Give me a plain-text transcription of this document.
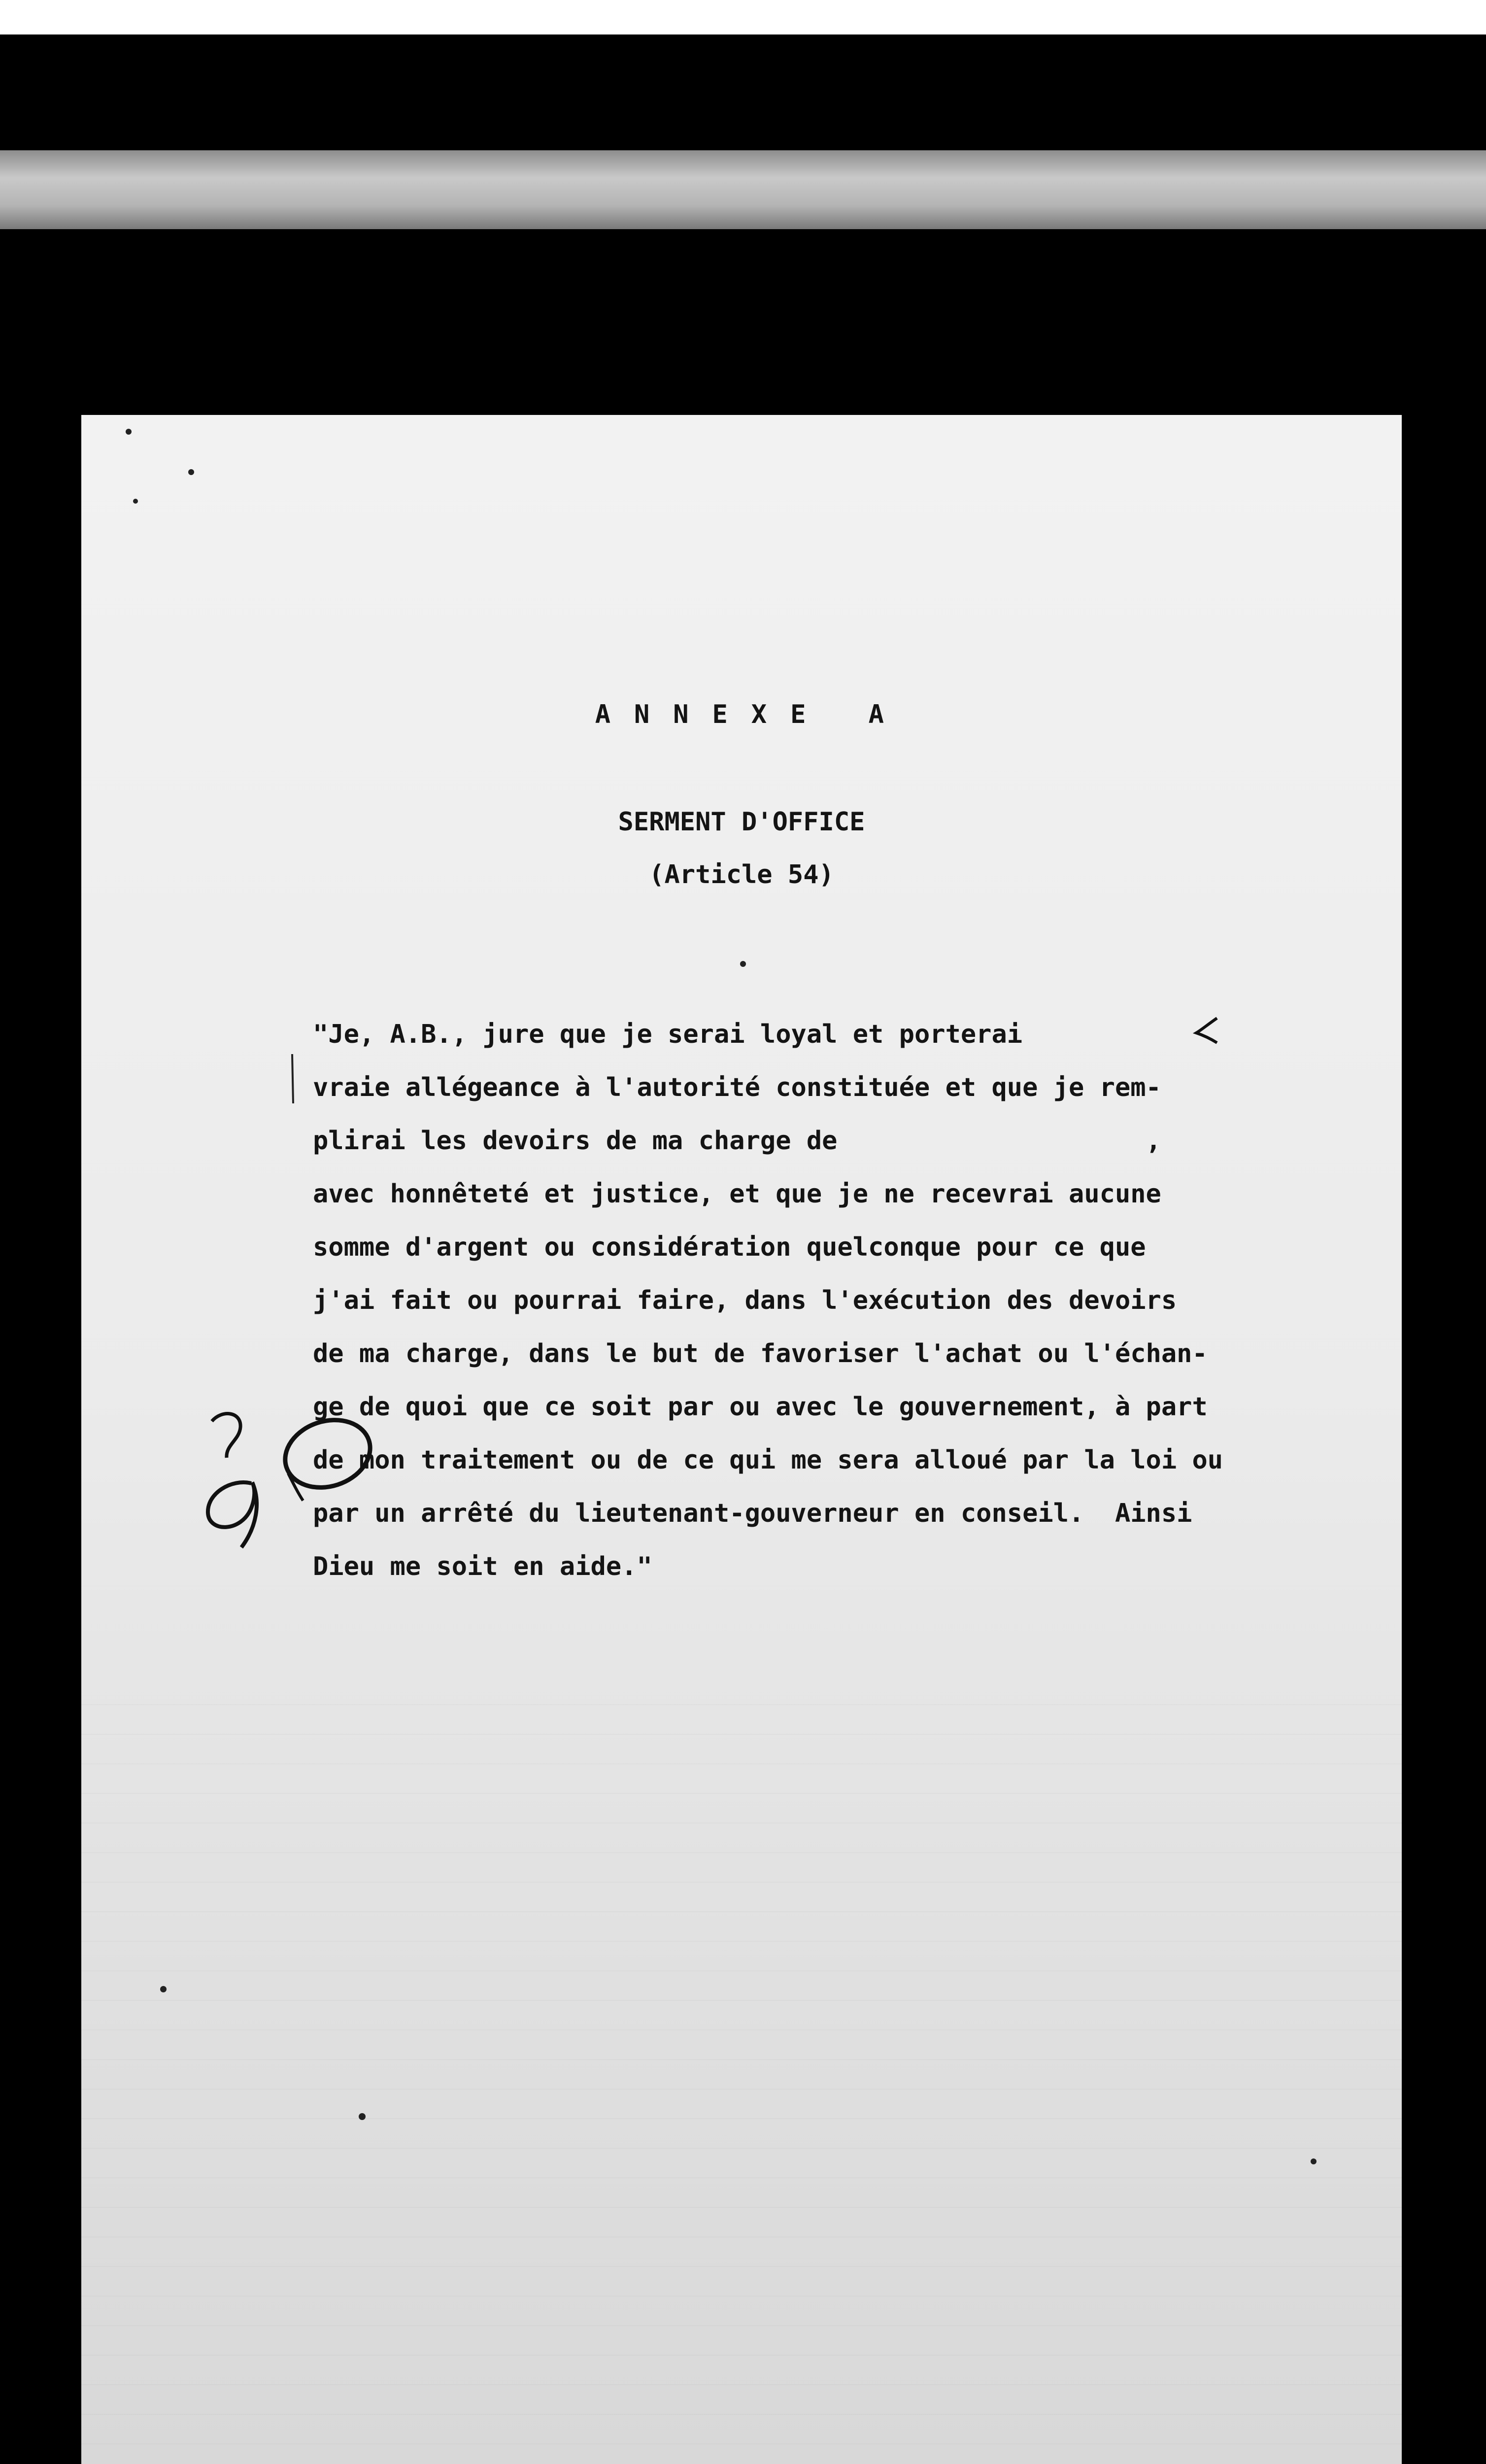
A N N E X E   A
SERMENT D'OFFICE
(Article 54)
"Je, A.B., jure que je serai loyal et porterai
vraie allégeance à l'autorité constituée et que je rem-
plirai les devoirs de ma charge de                    ,
avec honnêteté et justice, et que je ne recevrai aucune
somme d'argent ou considération quelconque pour ce que
j'ai fait ou pourrai faire, dans l'exécution des devoirs
de ma charge, dans le but de favoriser l'achat ou l'échan-
ge de quoi que ce soit par ou avec le gouvernement, à part
de mon traitement ou de ce qui me sera alloué par la loi ou
par un arrêté du lieutenant-gouverneur en conseil.  Ainsi
Dieu me soit en aide."
